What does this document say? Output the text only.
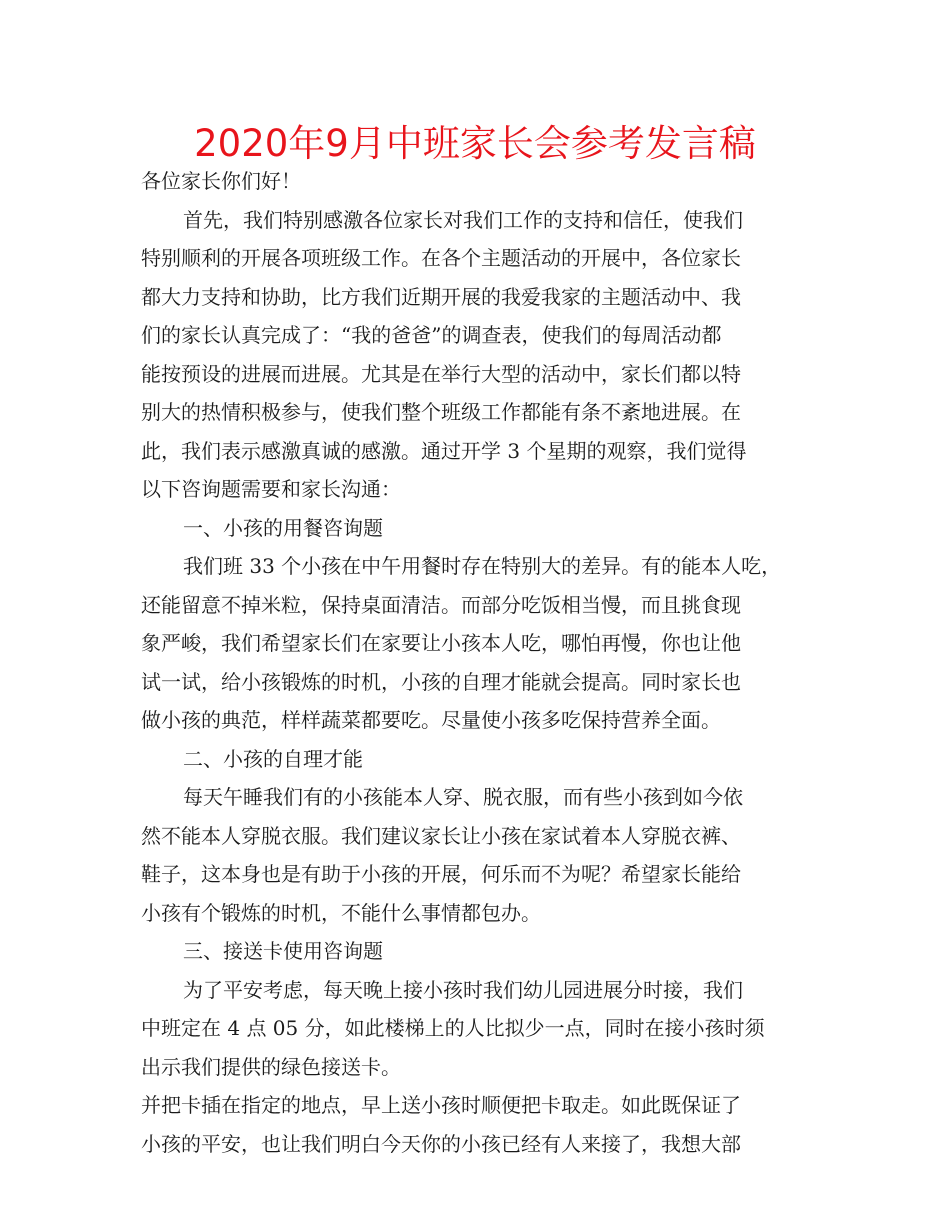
2020年9月中班家长会参考发言稿
各位家长你们好！
首先，我们特别感激各位家长对我们工作的支持和信任，使我们
特别顺利的开展各项班级工作。在各个主题活动的开展中，各位家长
都大力支持和协助，比方我们近期开展的我爱我家的主题活动中、我
们的家长认真完成了：“我的爸爸”的调查表，使我们的每周活动都
能按预设的进展而进展。尤其是在举行大型的活动中，家长们都以特
别大的热情积极参与，使我们整个班级工作都能有条不紊地进展。在
此，我们表示感激真诚的感激。通过开学 3 个星期的观察，我们觉得
以下咨询题需要和家长沟通：
一、小孩的用餐咨询题
我们班 33 个小孩在中午用餐时存在特别大的差异。有的能本人吃，
还能留意不掉米粒，保持桌面清洁。而部分吃饭相当慢，而且挑食现
象严峻，我们希望家长们在家要让小孩本人吃，哪怕再慢，你也让他
试一试，给小孩锻炼的时机，小孩的自理才能就会提高。同时家长也
做小孩的典范，样样蔬菜都要吃。尽量使小孩多吃保持营养全面。
二、小孩的自理才能
每天午睡我们有的小孩能本人穿、脱衣服，而有些小孩到如今依
然不能本人穿脱衣服。我们建议家长让小孩在家试着本人穿脱衣裤、
鞋子，这本身也是有助于小孩的开展，何乐而不为呢？希望家长能给
小孩有个锻炼的时机，不能什么事情都包办。
三、接送卡使用咨询题
为了平安考虑，每天晚上接小孩时我们幼儿园进展分时接，我们
中班定在 4 点 05 分，如此楼梯上的人比拟少一点，同时在接小孩时须
出示我们提供的绿色接送卡。
并把卡插在指定的地点，早上送小孩时顺便把卡取走。如此既保证了
小孩的平安，也让我们明白今天你的小孩已经有人来接了，我想大部
